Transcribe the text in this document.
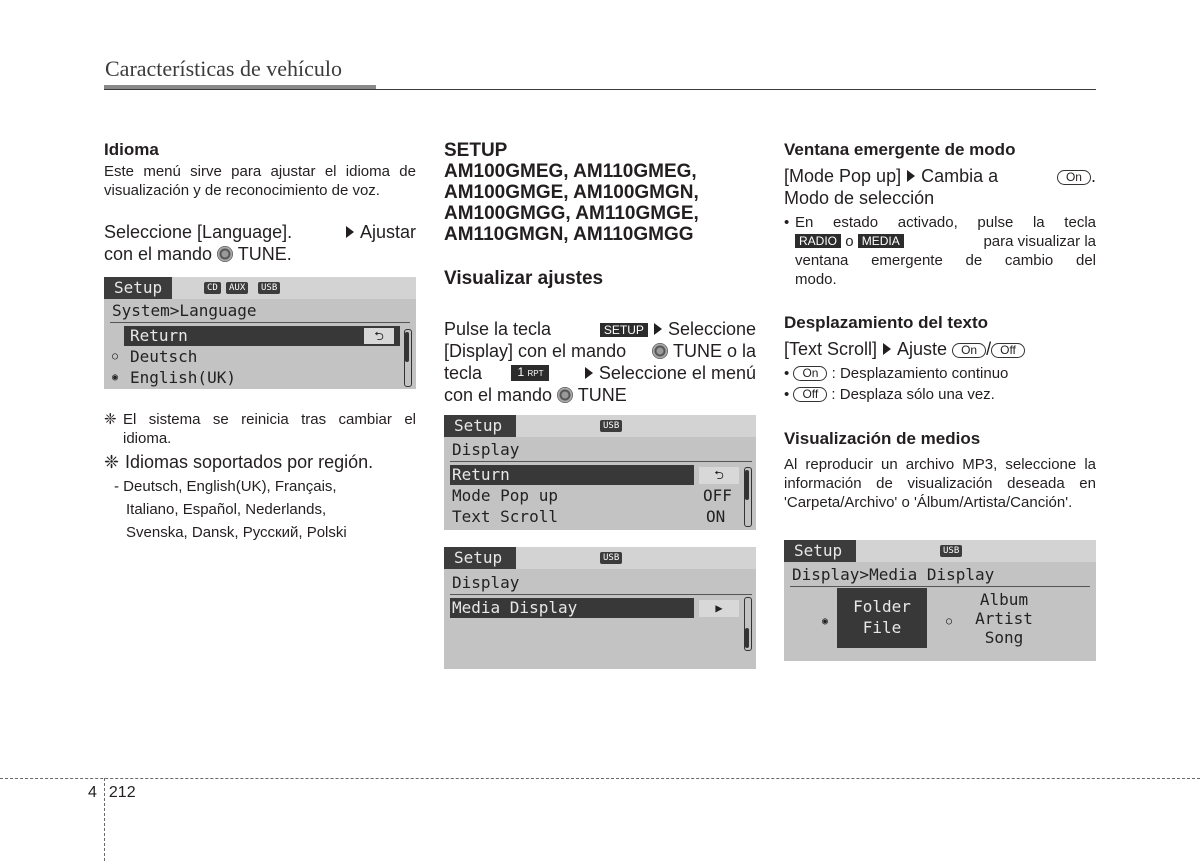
Características de vehículo
Idioma
Este menú sirve para ajustar el idioma de visualización y de reconocimiento de voz.
Seleccione [Language].	Ajustar
con el mando TUNE.
Setup	CD	AUX	USB
System>Language
Return	⮌
○ Deutsch
◉ English(UK)
❈ El sistema se reinicia tras cambiar el idioma.
❈ Idiomas soportados por región.
- Deutsch, English(UK), Français,
Italiano, Español, Nederlands,
Svenska, Dansk, Русский, Polski
SETUP
AM100GMEG, AM110GMEG,
AM100GMGE, AM100GMGN,
AM100GMGG, AM110GMGE,
AM110GMGN, AM110GMGG
Visualizar ajustes
Pulse la tecla	SETUP Seleccione
[Display] con el mando	TUNE o la
tecla	1 RPT	Seleccione el menú
con el mando TUNE
Setup	USB
Display
Return	⮌
Mode Pop up	OFF
Text Scroll	ON
Setup	USB
Display
Media Display	▶
Ventana emergente de modo
[Mode Pop up] Cambia a	On .
Modo de selección
• En estado activado, pulse la tecla
RADIO o MEDIA	para visualizar la
ventana emergente de cambio del
modo.
Desplazamiento del texto
[Text Scroll] Ajuste On / Off
• On : Desplazamiento continuo
• Off : Desplaza sólo una vez.
Visualización de medios
Al reproducir un archivo MP3, seleccione la información de visualización deseada en 'Carpeta/Archivo' o 'Álbum/Artista/Canción'.
Setup	USB
Display>Media Display
◉
Folder
File	○
Album
Artist
Song
4 212
